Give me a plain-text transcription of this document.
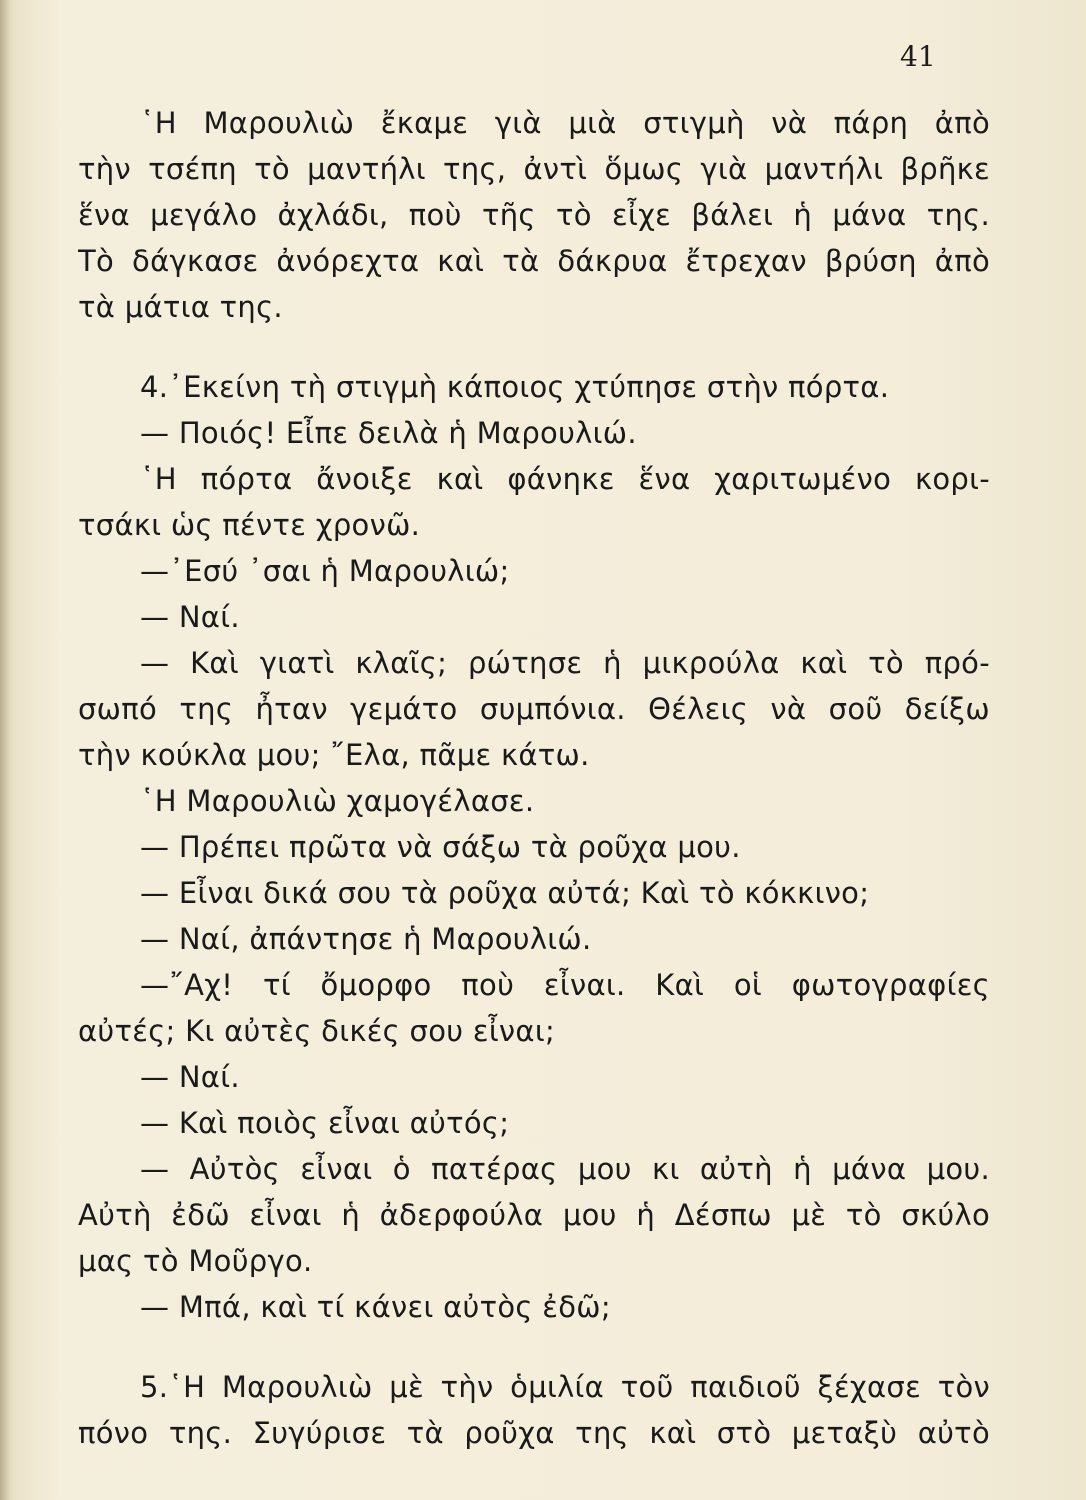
41
῾Η Μαρουλιὼ ἔκαμε γιὰ μιὰ στιγμὴ νὰ πάρη ἀπὸ
τὴν τσέπη τὸ μαντήλι της, ἀντὶ ὅμως γιὰ μαντήλι βρῆκε
ἕνα μεγάλο ἀχλάδι, ποὺ τῆς τὸ εἶχε βάλει ἡ μάνα της.
Τὸ δάγκασε ἀνόρεχτα καὶ τὰ δάκρυα ἔτρεχαν βρύση ἀπὸ
τὰ μάτια της.
4.᾿Εκείνη τὴ στιγμὴ κάποιος χτύπησε στὴν πόρτα.
— Ποιός! Εἶπε δειλὰ ἡ Μαρουλιώ.
῾Η πόρτα ἄνοιξε καὶ φάνηκε ἕνα χαριτωμένο κορι-
τσάκι ὡς πέντε χρονῶ.
—᾿Εσύ ᾿σαι ἡ Μαρουλιώ;
— Ναί.
— Καὶ γιατὶ κλαῖς; ρώτησε ἡ μικρούλα καὶ τὸ πρό-
σωπό της ἦταν γεμάτο συμπόνια. Θέλεις νὰ σοῦ δείξω
τὴν κούκλα μου; ῎Ελα, πᾶμε κάτω.
῾Η Μαρουλιὼ χαμογέλασε.
— Πρέπει πρῶτα νὰ σάξω τὰ ροῦχα μου.
— Εἶναι δικά σου τὰ ροῦχα αὐτά; Καὶ τὸ κόκκινο;
— Ναί, ἀπάντησε ἡ Μαρουλιώ.
—῎Αχ! τί ὄμορφο ποὺ εἶναι. Καὶ οἱ φωτογραφίες
αὐτές; Κι αὐτὲς δικές σου εἶναι;
— Ναί.
— Καὶ ποιὸς εἶναι αὐτός;
— Αὐτὸς εἶναι ὁ πατέρας μου κι αὐτὴ ἡ μάνα μου.
Αὐτὴ ἐδῶ εἶναι ἡ ἀδερφούλα μου ἡ Δέσπω μὲ τὸ σκύλο
μας τὸ Μοῦργο.
— Μπά, καὶ τί κάνει αὐτὸς ἐδῶ;
5.῾Η Μαρουλιὼ μὲ τὴν ὁμιλία τοῦ παιδιοῦ ξέχασε τὸν
πόνο της. Συγύρισε τὰ ροῦχα της καὶ στὸ μεταξὺ αὐτὸ
